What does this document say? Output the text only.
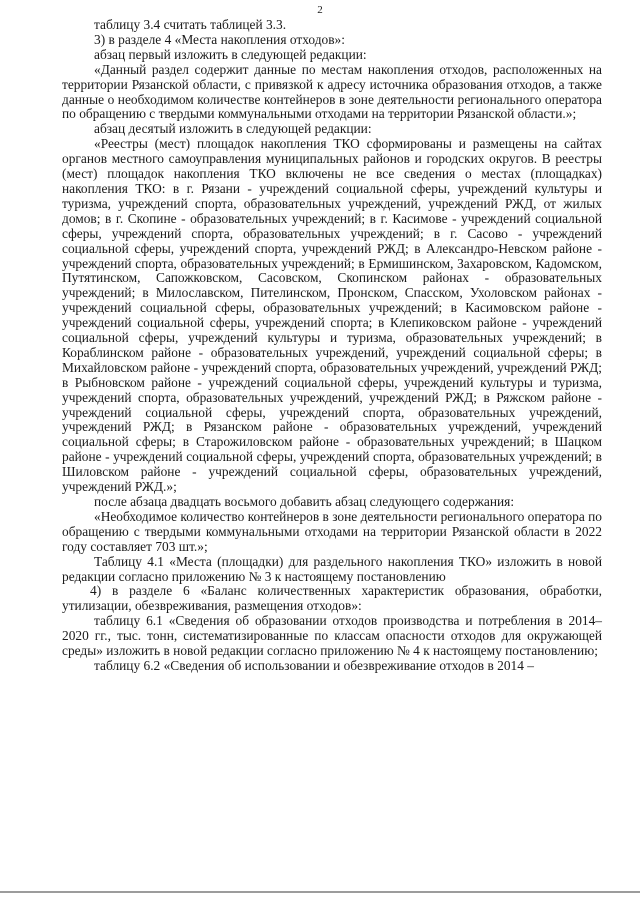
2

таблицу 3.4 считать таблицей 3.3.

3) в разделе 4 «Места накопления отходов»:

абзац первый изложить в следующей редакции:

«Данный раздел содержит данные по местам накопления отходов, расположенных на территории Рязанской области, с привязкой к адресу источника образования отходов, а также данные о необходимом количестве контейнеров в зоне деятельности регионального оператора по обращению с твердыми коммунальными отходами на территории Рязанской области.»;

абзац десятый изложить в следующей редакции:

«Реестры (мест) площадок накопления ТКО сформированы и размещены на сайтах органов местного самоуправления муниципальных районов и городских округов. В реестры (мест) площадок накопления ТКО включены не все сведения о местах (площадках) накопления ТКО: в г. Рязани - учреждений социальной сферы, учреждений культуры и туризма, учреждений спорта, образовательных учреждений, учреждений РЖД, от жилых домов; в г. Скопине - образовательных учреждений; в г. Касимове - учреждений социальной сферы, учреждений спорта, образовательных учреждений; в г. Сасово - учреждений социальной сферы, учреждений спорта, учреждений РЖД; в Александро-Невском районе - учреждений спорта, образовательных учреждений; в Ермишинском, Захаровском, Кадомском, Путятинском, Сапожковском, Сасовском, Скопинском районах - образовательных учреждений; в Милославском, Пителинском, Пронском, Спасском, Ухоловском районах - учреждений социальной сферы, образовательных учреждений; в Касимовском районе - учреждений социальной сферы, учреждений спорта; в Клепиковском районе - учреждений социальной сферы, учреждений культуры и туризма, образовательных учреждений; в Кораблинском районе - образовательных учреждений, учреждений социальной сферы; в Михайловском районе - учреждений спорта, образовательных учреждений, учреждений РЖД; в Рыбновском районе - учреждений социальной сферы, учреждений культуры и туризма, учреждений спорта, образовательных учреждений, учреждений РЖД; в Ряжском районе - учреждений социальной сферы, учреждений спорта, образовательных учреждений, учреждений РЖД; в Рязанском районе - образовательных учреждений, учреждений социальной сферы; в Старожиловском районе - образовательных учреждений; в Шацком районе - учреждений социальной сферы, учреждений спорта, образовательных учреждений; в Шиловском районе - учреждений социальной сферы, образовательных учреждений, учреждений РЖД.»;

после абзаца двадцать восьмого добавить абзац следующего содержания:

«Необходимое количество контейнеров в зоне деятельности регионального оператора по обращению с твердыми коммунальными отходами на территории Рязанской области в 2022 году составляет 703 шт.»;

Таблицу 4.1 «Места (площадки) для раздельного накопления ТКО» изложить в новой редакции согласно приложению № 3 к настоящему постановлению

4) в разделе 6 «Баланс количественных характеристик образования, обработки, утилизации, обезвреживания, размещения отходов»:

таблицу 6.1 «Сведения об образовании отходов производства и потребления в 2014–2020 гг., тыс. тонн, систематизированные по классам опасности отходов для окружающей среды» изложить в новой редакции согласно приложению № 4 к настоящему постановлению;

таблицу 6.2 «Сведения об использовании и обезвреживание отходов в 2014 –
